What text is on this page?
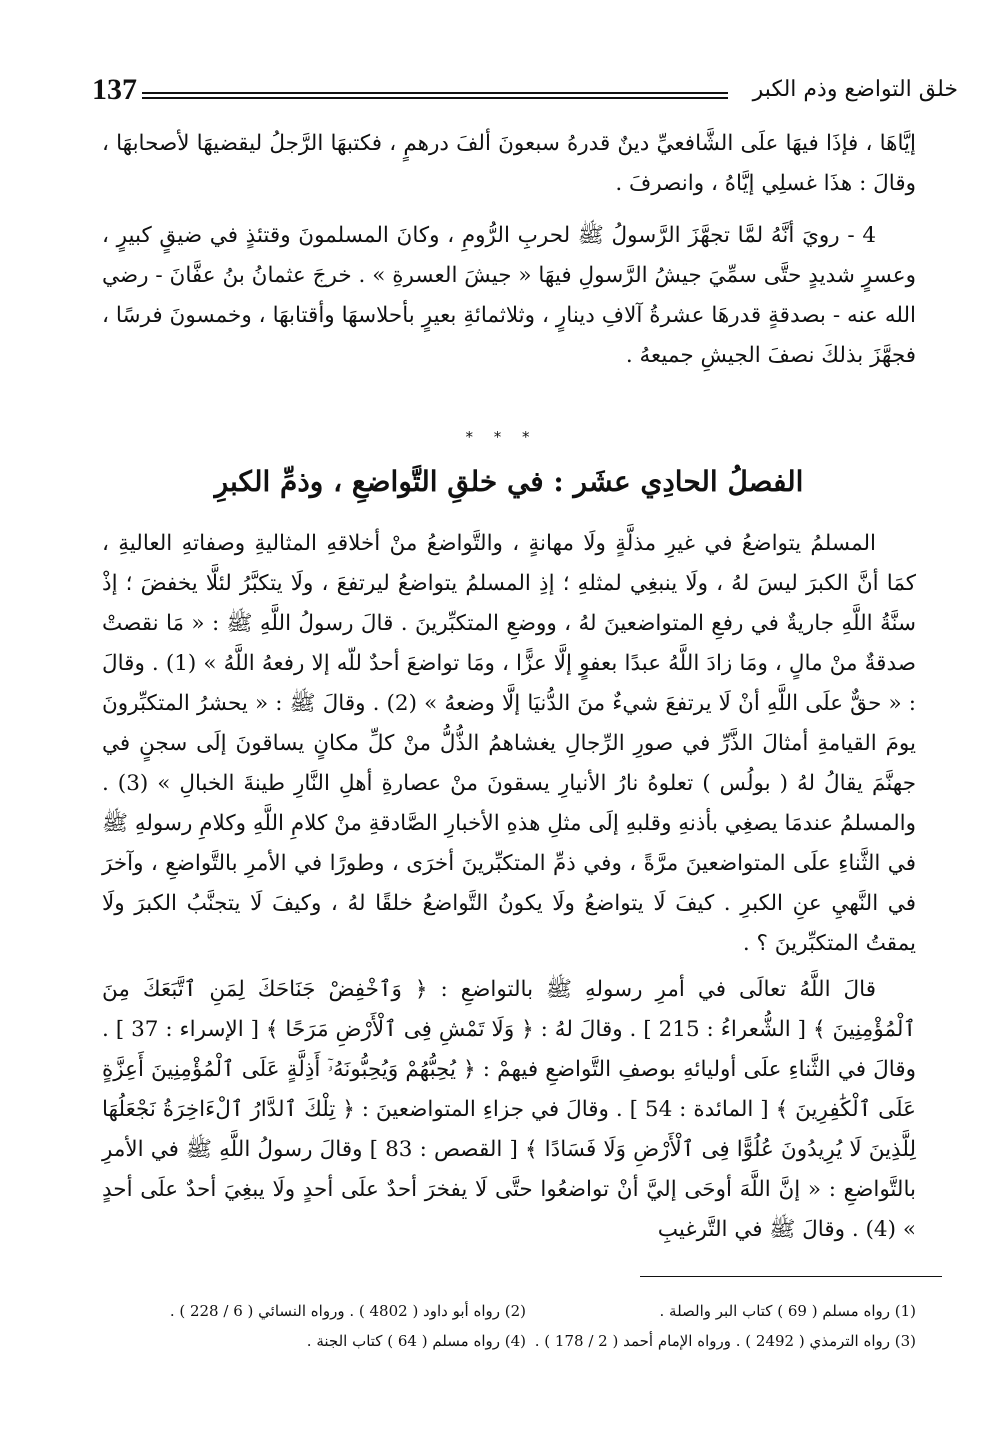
137	خلق التواضع وذم الكبر

إيَّاهَا ، فإذَا فيهَا علَى الشَّافعيِّ دينٌ قدرهُ سبعونَ ألفَ درهمٍ ، فكتبهَا الرَّجلُ ليقضيهَا لأصحابهَا ، وقالَ : هذَا غسلِي إيَّاهُ ، وانصرفَ .

4 - رويَ أنَّهُ لمَّا تجهَّزَ الرَّسولُ ﷺ لحربِ الرُّومِ ، وكانَ المسلمونَ وقتئذٍ في ضيقٍ كبيرٍ ، وعسرٍ شديدٍ حتَّى سمِّيَ جيشُ الرَّسولِ فيهَا « جيشَ العسرةِ » . خرجَ عثمانُ بنُ عفَّانَ - رضي الله عنه - بصدقةٍ قدرهَا عشرةُ آلافِ دينارٍ ، وثلاثمائةِ بعيرٍ بأحلاسهَا وأقتابهَا ، وخمسونَ فرسًا ، فجهَّزَ بذلكَ نصفَ الجيشِ جميعهُ .

* * *
الفصلُ الحادِي عشَر : في خلقِ التَّواضعِ ، وذمِّ الكبرِ

المسلمُ يتواضعُ في غيرِ مذلَّةٍ ولَا مهانةٍ ، والتَّواضعُ منْ أخلاقهِ المثاليةِ وصفاتهِ العاليةِ ، كمَا أنَّ الكبرَ ليسَ لهُ ، ولَا ينبغِي لمثلهِ ؛ إذِ المسلمُ يتواضعُ ليرتفعَ ، ولَا يتكبَّرُ لئلَّا يخفضَ ؛ إذْ سنَّةُ اللَّهِ جاريةٌ في رفعِ المتواضعينَ لهُ ، ووضعِ المتكبِّرينَ . قالَ رسولُ اللَّهِ ﷺ : « مَا نقصتْ صدقةٌ منْ مالٍ ، ومَا زادَ اللَّهُ عبدًا بعفوٍ إلَّا عزًّا ، ومَا تواضعَ أحدٌ للّه إلا رفعهُ اللَّهُ » (1) . وقالَ : « حقٌّ علَى اللَّهِ أنْ لَا يرتفعَ شيءٌ منَ الدُّنيَا إلَّا وضعهُ » (2) . وقالَ ﷺ : « يحشرُ المتكبِّرونَ يومَ القيامةِ أمثالَ الذَّرِّ في صورِ الرِّجالِ يغشاهمُ الذُّلُّ منْ كلِّ مكانٍ يساقونَ إلَى سجنٍ في جهنَّمَ يقالُ لهُ ( بولُس ) تعلوهُ نارُ الأنيارِ يسقونَ منْ عصارةِ أهلِ النَّارِ طينةَ الخبالِ » (3) . والمسلمُ عندمَا يصغِي بأذنهِ وقلبهِ إلَى مثلِ هذهِ الأخبارِ الصَّادقةِ منْ كلامِ اللَّهِ وكلامِ رسولهِ ﷺ في الثَّناءِ علَى المتواضعينَ مرَّةً ، وفي ذمِّ المتكبِّرينَ أخرَى ، وطورًا في الأمرِ بالتَّواضعِ ، وآخرَ في النَّهيِ عنِ الكبرِ . كيفَ لَا يتواضعُ ولَا يكونُ التَّواضعُ خلقًا لهُ ، وكيفَ لَا يتجنَّبُ الكبرَ ولَا يمقتُ المتكبِّرينَ ؟ .

قالَ اللَّهُ تعالَى في أمرِ رسولهِ ﷺ بالتواضعِ : ﴿ وَٱخْفِضْ جَنَاحَكَ لِمَنِ ٱتَّبَعَكَ مِنَ ٱلْمُؤْمِنِينَ ﴾ [ الشُّعراءُ : 215 ] . وقالَ لهُ : ﴿ وَلَا تَمْشِ فِى ٱلْأَرْضِ مَرَحًا ﴾ [ الإسراء : 37 ] . وقالَ في الثَّناءِ علَى أوليائهِ بوصفِ التَّواضعِ فيهمْ : ﴿ يُحِبُّهُمْ وَيُحِبُّونَهُۥٓ أَذِلَّةٍ عَلَى ٱلْمُؤْمِنِينَ أَعِزَّةٍ عَلَى ٱلْكَٰفِرِينَ ﴾ [ المائدة : 54 ] . وقالَ في جزاءِ المتواضعينَ : ﴿ تِلْكَ ٱلدَّارُ ٱلْءَاخِرَةُ نَجْعَلُهَا لِلَّذِينَ لَا يُرِيدُونَ عُلُوًّا فِى ٱلْأَرْضِ وَلَا فَسَادًا ﴾ [ القصص : 83 ] وقالَ رسولُ اللَّهِ ﷺ في الأمرِ بالتَّواضعِ : « إنَّ اللَّهَ أوحَى إليَّ أنْ تواضعُوا حتَّى لَا يفخرَ أحدٌ علَى أحدٍ ولَا يبغِيَ أحدٌ علَى أحدٍ » (4) . وقالَ ﷺ في التَّرغيبِ

(1) رواه مسلم ( 69 ) كتاب البر والصلة .
(2) رواه أبو داود ( 4802 ) . ورواه النسائي ( 6 / 228 ) .
(3) رواه الترمذي ( 2492 ) . ورواه الإمام أحمد ( 2 / 178 ) .
(4) رواه مسلم ( 64 ) كتاب الجنة .
